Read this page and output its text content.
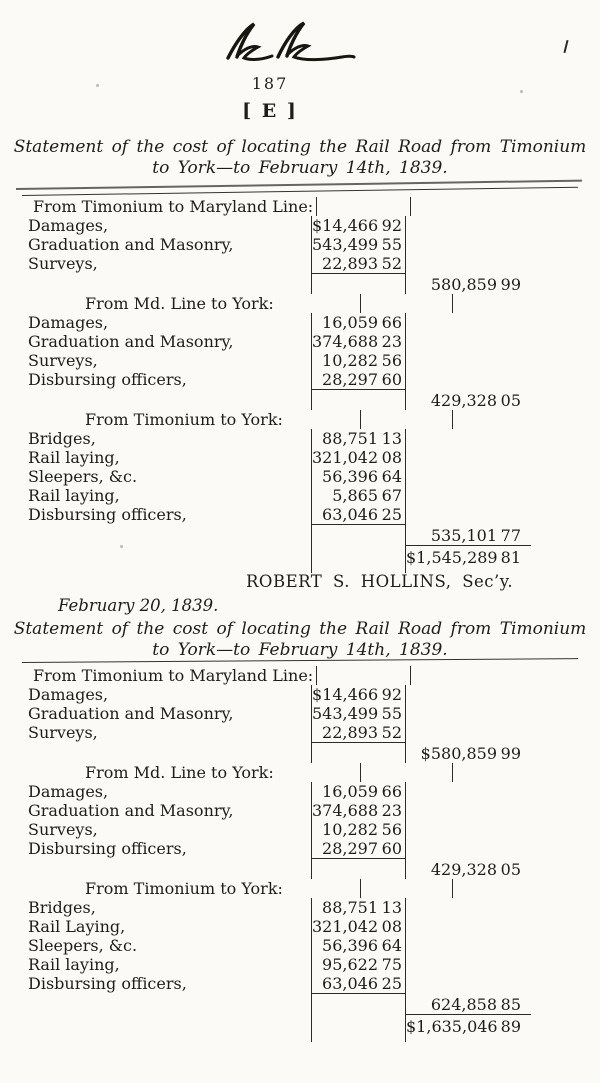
187
[ E ]
Statement of the cost of locating the Rail Road from Timonium
to York—to February 14th, 1839.
From Timonium to Maryland Line:
Damages,	$14,466 92
Graduation and Masonry,	543,499 55
Surveys,	22,893 52
580,859 99
From Md. Line to York:
Damages,	16,059 66
Graduation and Masonry,	374,688 23
Surveys,	10,282 56
Disbursing officers,	28,297 60
429,328 05
From Timonium to York:
Bridges,	88,751 13
Rail laying,	321,042 08
Sleepers, &c.	56,396 64
Rail laying,	5,865 67
Disbursing officers,	63,046 25
535,101 77
$1,545,289 81
ROBERT S. HOLLINS, Sec’y.
February 20, 1839.
Statement of the cost of locating the Rail Road from Timonium
to York—to February 14th, 1839.
From Timonium to Maryland Line:
Damages,	$14,466 92
Graduation and Masonry,	543,499 55
Surveys,	22,893 52
$580,859 99
From Md. Line to York:
Damages,	16,059 66
Graduation and Masonry,	374,688 23
Surveys,	10,282 56
Disbursing officers,	28,297 60
429,328 05
From Timonium to York:
Bridges,	88,751 13
Rail Laying,	321,042 08
Sleepers, &c.	56,396 64
Rail laying,	95,622 75
Disbursing officers,	63,046 25
624,858 85
$1,635,046 89
